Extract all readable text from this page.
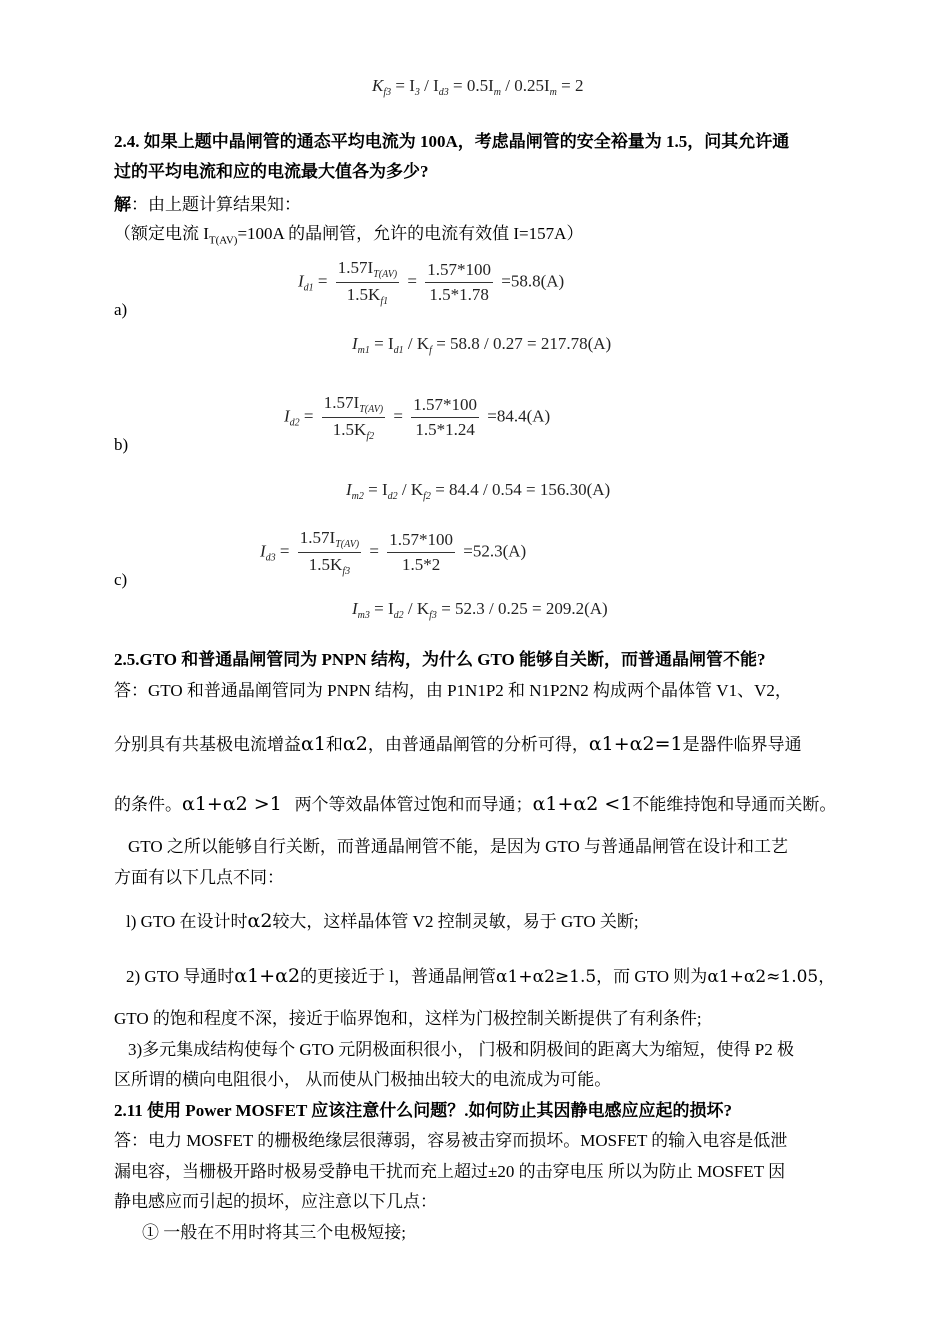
$K_{f3} = I_3 / I_{d3} = 0.5I_m / 0.25I_m = 2$
2.4. 如果上题中晶闸管的通态平均电流为 100A，考虑晶闸管的安全裕量为 1.5，问其允许通
过的平均电流和应的电流最大值各为多少?
解：由上题计算结果知：
（额定电流 $I_{T(AV)}=100A$ 的晶闸管，允许的电流有效值 I=157A）
a)
$I_{d1} = \frac{1.57I_{T(AV)}}{1.5K_{f1}} = \frac{1.57*100}{1.5*1.78} =58.8(A)$
$I_{m1} = I_{d1} / K_f = 58.8 / 0.27 = 217.78(A)$
b)
$I_{d2} = \frac{1.57I_{T(AV)}}{1.5K_{f2}} = \frac{1.57*100}{1.5*1.24} =84.4(A)$
$I_{m2} = I_{d2} / K_{f2} = 84.4 / 0.54 = 156.30(A)$
c)
$I_{d3} = \frac{1.57I_{T(AV)}}{1.5K_{f3}} = \frac{1.57*100}{1.5*2} =52.3(A)$
$I_{m3} = I_{d2} / K_{f3} = 52.3 / 0.25 = 209.2(A)$
2.5.GTO 和普通晶闸管同为 PNPN 结构，为什么 GTO 能够自关断，而普通晶闸管不能?
答：GTO 和普通晶阐管同为 PNPN 结构，由 P1N1P2 和 N1P2N2 构成两个晶体管 V1、V2，
分别具有共基极电流增益α1和α2，由普通晶阐管的分析可得，α1+α2=1是器件临界导通
的条件。α1+α2 >1 两个等效晶体管过饱和而导通；α1+α2 <1不能维持饱和导通而关断。
GTO 之所以能够自行关断，而普通晶闸管不能，是因为 GTO 与普通晶闸管在设计和工艺
方面有以下几点不同：
l) GTO 在设计时α2较大，这样晶体管 V2 控制灵敏，易于 GTO 关断;
2) GTO 导通时α1+α2的更接近于 l，普通晶闸管α1+α2≥1.5，而 GTO 则为α1+α2≈1.05，
GTO 的饱和程度不深，接近于临界饱和，这样为门极控制关断提供了有利条件;
3)多元集成结构使每个 GTO 元阴极面积很小， 门极和阴极间的距离大为缩短，使得 P2 极
区所谓的横向电阻很小， 从而使从门极抽出较大的电流成为可能。
2.11 使用 Power MOSFET 应该注意什么问题？.如何防止其因静电感应应起的损坏?
答：电力 MOSFET 的栅极绝缘层很薄弱，容易被击穿而损坏。MOSFET 的输入电容是低泄
漏电容，当栅极开路时极易受静电干扰而充上超过±20 的击穿电压 所以为防止 MOSFET 因
静电感应而引起的损坏，应注意以下几点：
① 一般在不用时将其三个电极短接;
